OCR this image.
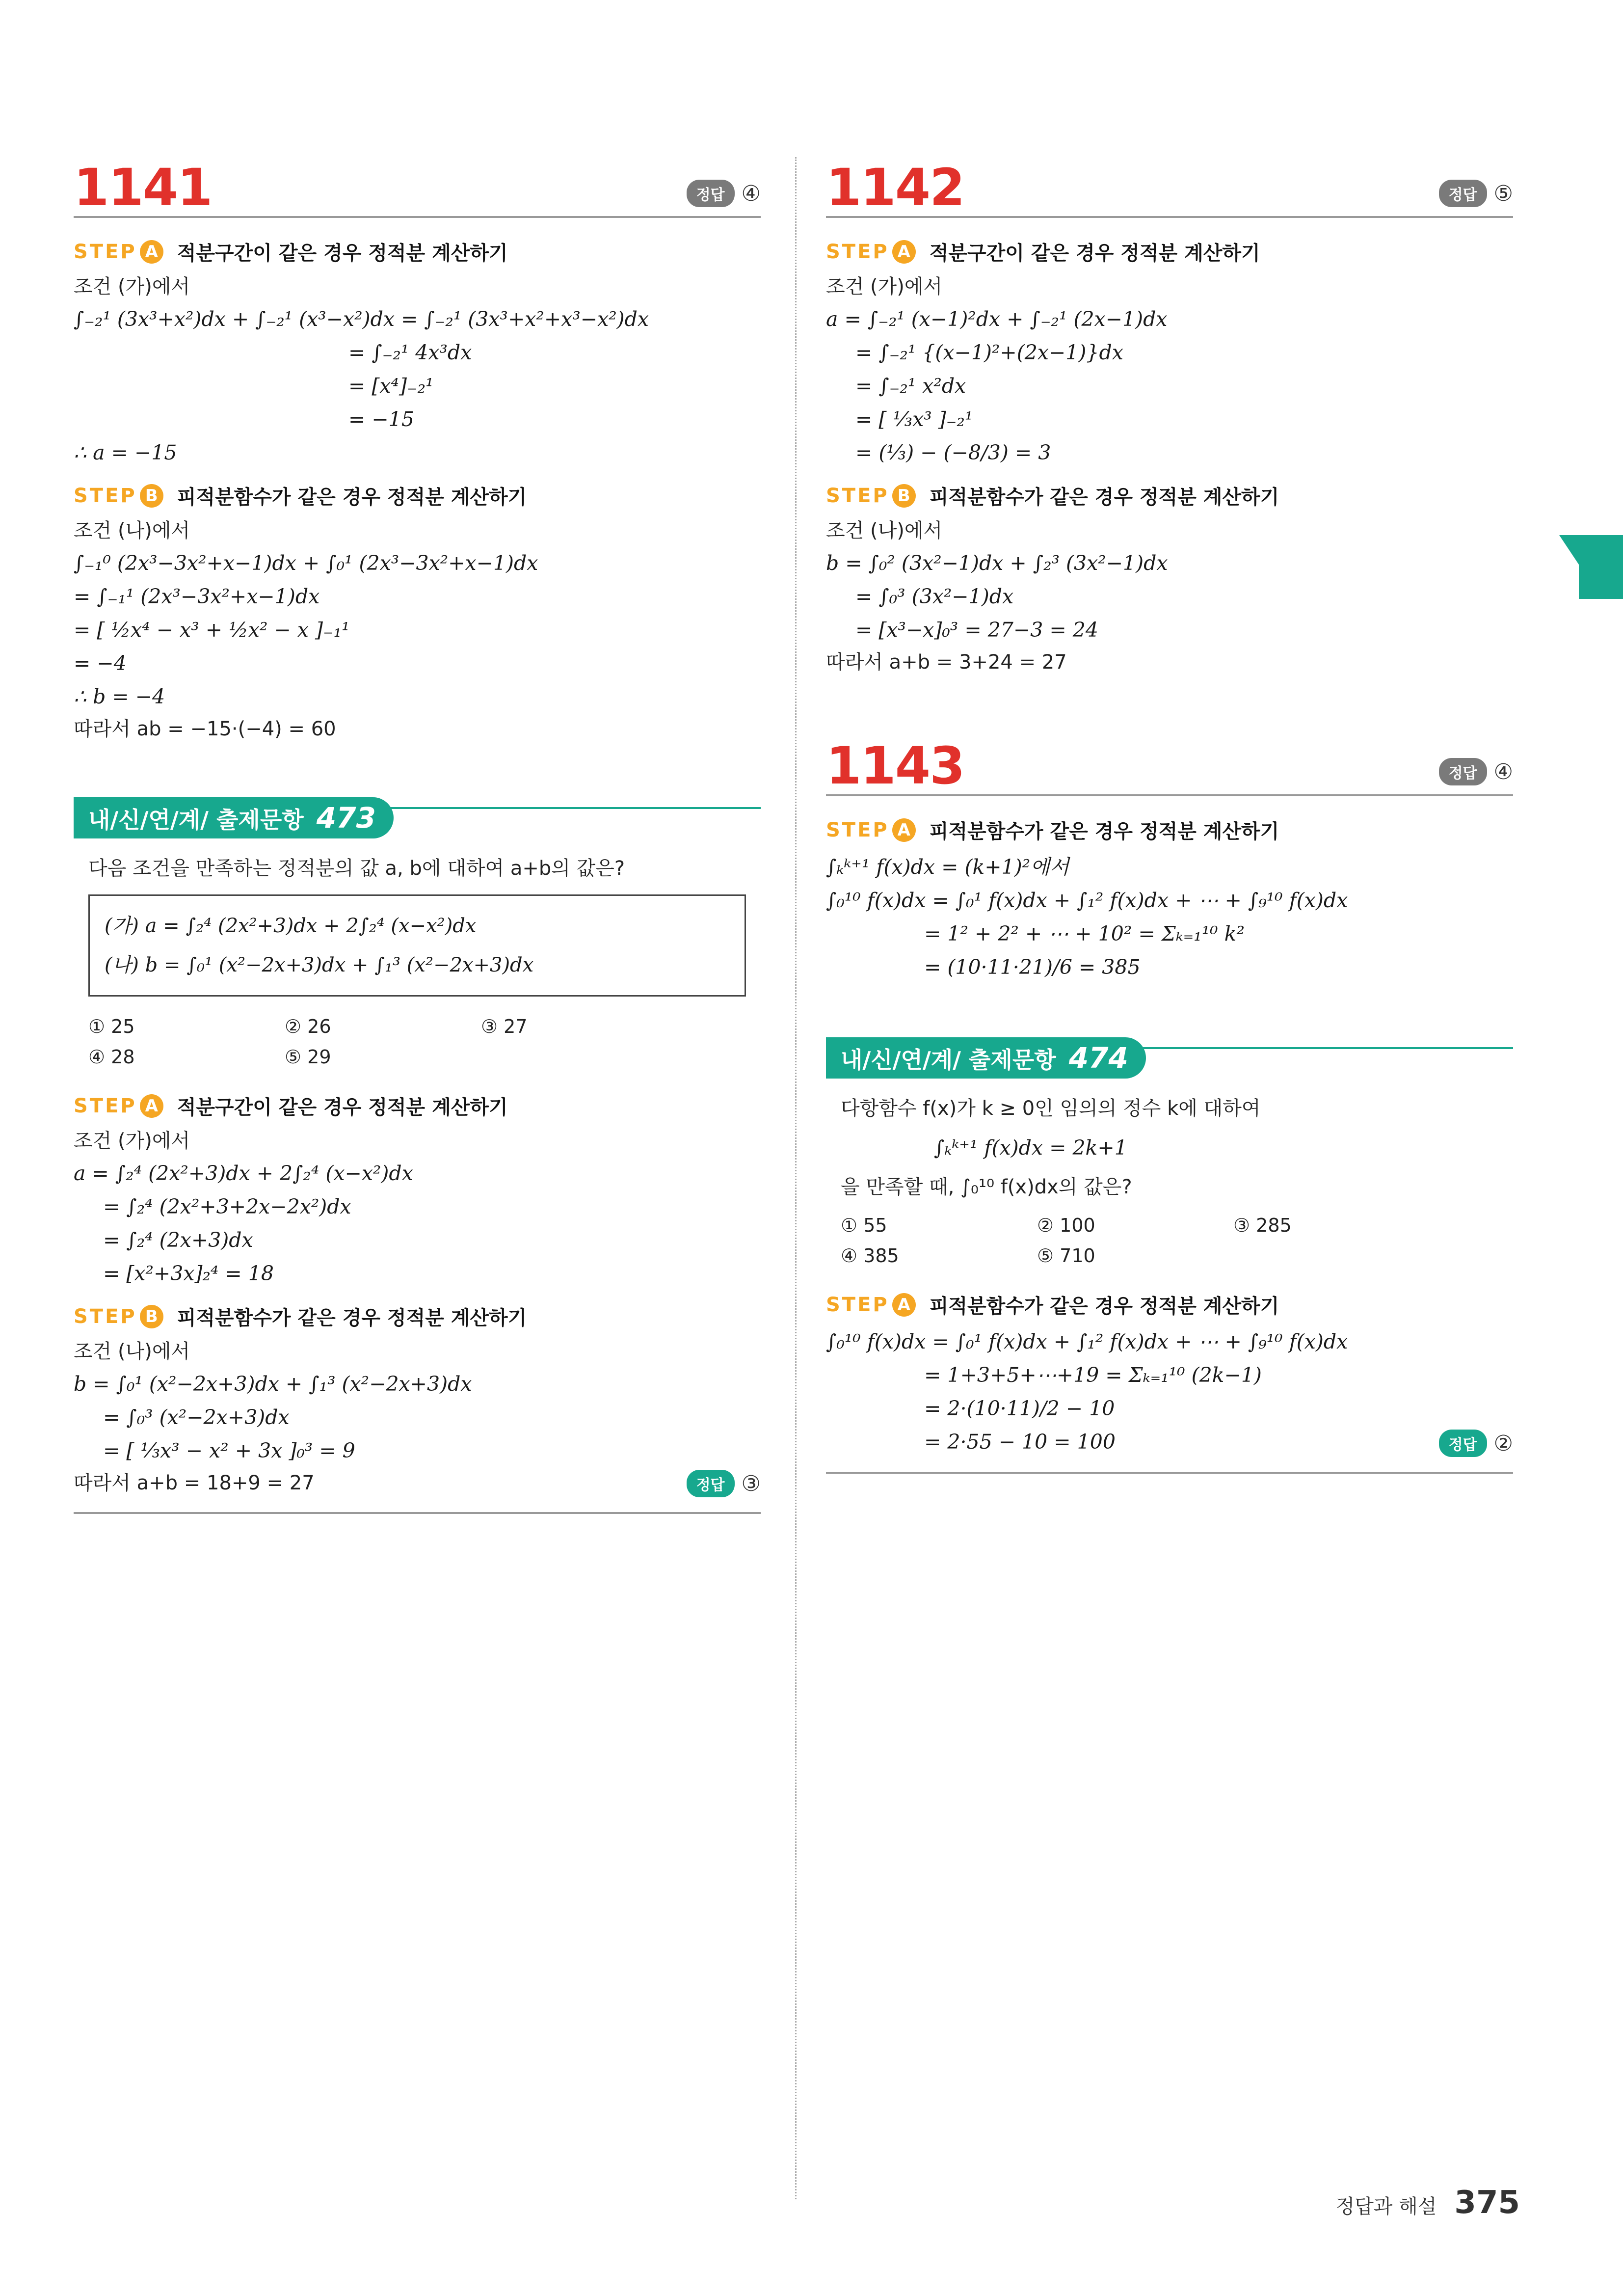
1141	정답 ④
STEP A 적분구간이 같은 경우 정적분 계산하기
조건 (가)에서
∫₋₂¹ (3x³+x²)dx + ∫₋₂¹ (x³−x²)dx = ∫₋₂¹ (3x³+x²+x³−x²)dx
= ∫₋₂¹ 4x³dx
= [x⁴]₋₂¹
= −15
∴ a = −15
STEP B 피적분함수가 같은 경우 정적분 계산하기
조건 (나)에서
∫₋₁⁰ (2x³−3x²+x−1)dx + ∫₀¹ (2x³−3x²+x−1)dx
= ∫₋₁¹ (2x³−3x²+x−1)dx
= [ ½x⁴ − x³ + ½x² − x ]₋₁¹
= −4
∴ b = −4
따라서 ab = −15·(−4) = 60
내/신/연/계/ 출제문항 473
다음 조건을 만족하는 정적분의 값 a, b에 대하여 a+b의 값은?
(가) a = ∫₂⁴ (2x²+3)dx + 2∫₂⁴ (x−x²)dx
(나) b = ∫₀¹ (x²−2x+3)dx + ∫₁³ (x²−2x+3)dx
① 25	② 26	③ 27
④ 28	⑤ 29
STEP A 적분구간이 같은 경우 정적분 계산하기
조건 (가)에서
a = ∫₂⁴ (2x²+3)dx + 2∫₂⁴ (x−x²)dx
= ∫₂⁴ (2x²+3+2x−2x²)dx
= ∫₂⁴ (2x+3)dx
= [x²+3x]₂⁴ = 18
STEP B 피적분함수가 같은 경우 정적분 계산하기
조건 (나)에서
b = ∫₀¹ (x²−2x+3)dx + ∫₁³ (x²−2x+3)dx
= ∫₀³ (x²−2x+3)dx
= [ ⅓x³ − x² + 3x ]₀³ = 9
따라서 a+b = 18+9 = 27	정답 ③
1142	정답 ⑤
STEP A 적분구간이 같은 경우 정적분 계산하기
조건 (가)에서
a = ∫₋₂¹ (x−1)²dx + ∫₋₂¹ (2x−1)dx
= ∫₋₂¹ {(x−1)²+(2x−1)}dx
= ∫₋₂¹ x²dx
= [ ⅓x³ ]₋₂¹
= (⅓) − (−8/3) = 3
STEP B 피적분함수가 같은 경우 정적분 계산하기
조건 (나)에서
b = ∫₀² (3x²−1)dx + ∫₂³ (3x²−1)dx
= ∫₀³ (3x²−1)dx
= [x³−x]₀³ = 27−3 = 24
따라서 a+b = 3+24 = 27
1143	정답 ④
STEP A 피적분함수가 같은 경우 정적분 계산하기
∫ₖᵏ⁺¹ f(x)dx = (k+1)²에서
∫₀¹⁰ f(x)dx = ∫₀¹ f(x)dx + ∫₁² f(x)dx + ⋯ + ∫₉¹⁰ f(x)dx
= 1² + 2² + ⋯ + 10² = Σₖ₌₁¹⁰ k²
= (10·11·21)/6 = 385
내/신/연/계/ 출제문항 474
다항함수 f(x)가 k ≥ 0인 임의의 정수 k에 대하여
∫ₖᵏ⁺¹ f(x)dx = 2k+1
을 만족할 때, ∫₀¹⁰ f(x)dx의 값은?
① 55	② 100	③ 285
④ 385	⑤ 710
STEP A 피적분함수가 같은 경우 정적분 계산하기
∫₀¹⁰ f(x)dx = ∫₀¹ f(x)dx + ∫₁² f(x)dx + ⋯ + ∫₉¹⁰ f(x)dx
= 1+3+5+⋯+19 = Σₖ₌₁¹⁰ (2k−1)
= 2·(10·11)/2 − 10
= 2·55 − 10 = 100	정답 ②
정답과 해설 375
